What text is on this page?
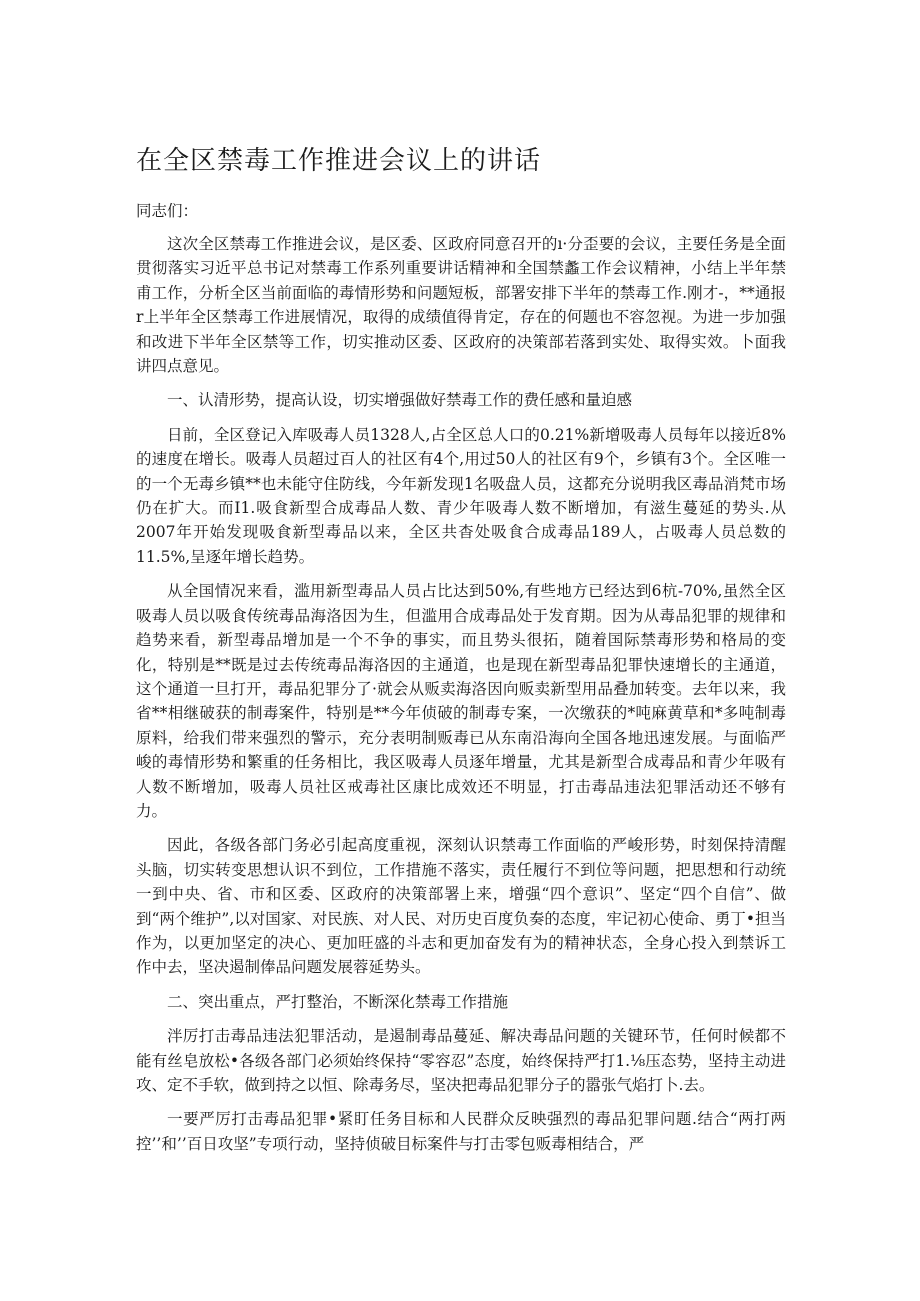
在全区禁毒工作推进会议上的讲话
同志们：

这次全区禁毒工作推进会议，是区委、区政府同意召开的ı·分歪要的会议，主要任务是全面贯彻落实习近平总书记对禁毒工作系列重要讲话精神和全国禁蠡工作会议精神，小结上半年禁甫工作，分析全区当前面临的毒情形势和问题短板，部署安排下半年的禁毒工作.刚才-，**通报r上半年全区禁毒工作进展情况，取得的成绩值得肯定，存在的何题也不容忽视。为进一步加强和改进下半年全区禁等工作，切实推动区委、区政府的决策部若落到实处、取得实效。卜面我讲四点意见。

一、认清形势，提高认设，切实增强做好禁毒工作的费任感和量迫感

日前，全区登记入库吸毒人员1328人,占全区总人口的0.21%新增吸毒人员每年以接近8%的速度在增长。吸毒人员超过百人的社区有4个,用过50人的社区有9个，乡镇有3个。全区唯一的一个无毒乡镇**也未能守住防线，今年新发现1名吸盘人员，这都充分说明我区毒品消梵市场仍在扩大。而I1.吸食新型合成毒品人数、青少年吸毒人数不断增加，有滋生蔓延的势头.从2007年开始发现吸食新型毒品以来，全区共杳处吸食合成毒品189人，占吸毒人员总数的11.5%,呈逐年增长趋势。

从全国情况来看，滥用新型毒品人员占比达到50%,有些地方已经达到6杭-70%,虽然全区吸毒人员以吸食传统毒品海洛因为生，但滥用合成毒品处于发育期。因为从毒品犯罪的规律和趋势来看，新型毒品增加是一个不争的事实，而且势头很拓，随着国际禁毒形势和格局的变化，特别是**既是过去传统毒品海洛因的主通道，也是现在新型毒品犯罪快速增长的主通道，这个通道一旦打开，毒品犯罪分了·就会从贩卖海洛因向贩卖新型用品叠加转变。去年以来，我省**相继破获的制毒案件，特别是**今年侦破的制毒专案，一次缴获的*吨麻黄草和*多吨制毒原料，给我们带来强烈的警示，充分表明制贩毒已从东南沿海向全国各地迅速发展。与面临严峻的毒情形势和繁重的任务相比，我区吸毒人员逐年增量，尤其是新型合成毒品和青少年吸有人数不断增加，吸毒人员社区戒毒社区康比成效还不明显，打击毒品违法犯罪活动还不够有力。

因此，各级各部门务必引起高度重视，深刻认识禁毒工作面临的严峻形势，时刻保持清醒头脑，切实转变思想认识不到位，工作措施不落实，责任履行不到位等问题，把思想和行动统一到中央、省、市和区委、区政府的决策部署上来，增强“四个意识”、坚定“四个自信”、做到“两个维护”,以对国家、对民族、对人民、对历史百度负奏的态度，牢记初心使命、勇丁•担当作为，以更加坚定的决心、更加旺盛的斗志和更加奋发有为的精神状态，全身心投入到禁诉工作中去，坚决遏制俸品问题发展蓉延势头。

二、突出重点，严打整治，不断深化禁毒工作措施

泮厉打击毒品违法犯罪活动，是遏制毒品蔓延、解决毒品问题的关键环节，任何时候都不能有丝皂放松•各级各部门必须始终保持“零容忍”态度，始终保持严打1.⅛压态势，坚持主动进攻、定不手软，做到持之以恒、除毒务尽，坚决把毒品犯罪分子的嚣张气焰打卜.去。

一要严厉打击毒品犯罪•紧盯任务目标和人民群众反映强烈的毒品犯罪问题.结合“两打两控’’和’’百日攻坚”专项行动，坚持侦破目标案件与打击零包贩毒相结合，严
